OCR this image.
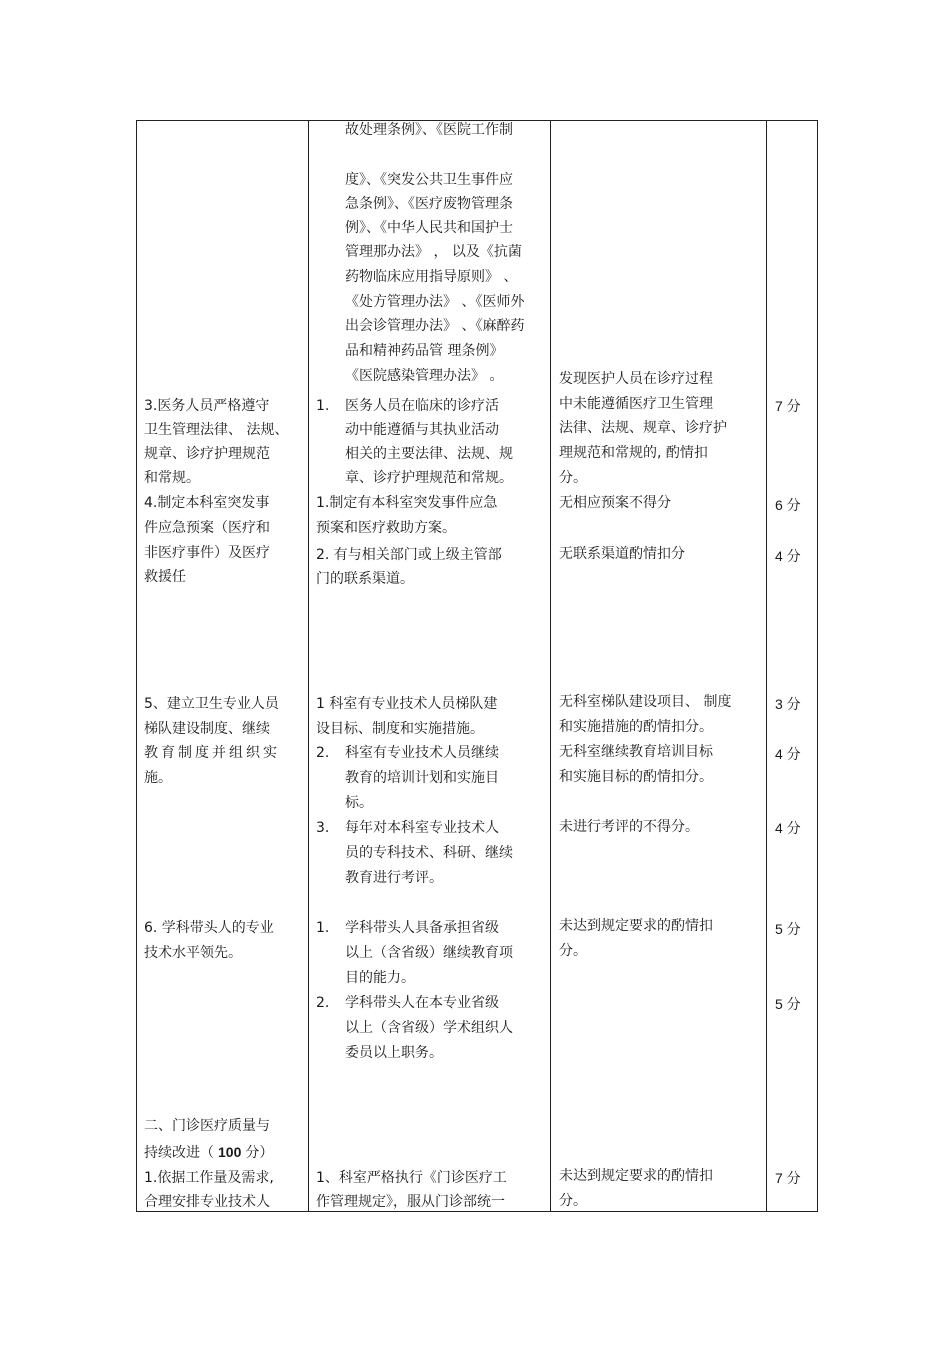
故处理条例》、《医院工作制
度》、《突发公共卫生事件应
急条例》、《医疗废物管理条
例》、《中华人民共和国护士
管理那办法》 ， 以及《抗菌
药物临床应用指导原则》 、
《处方管理办法》 、《医师外
出会诊管理办法》 、《麻醉药
品和精神药品管 理条例》
《医院感染管理办法》 。
3.医务人员严格遵守
卫生管理法律、 法规、
规章、诊疗护理规范
和常规。
1. 医务人员在临床的诊疗活
动中能遵循与其执业活动
相关的主要法律、法规、规
章、诊疗护理规范和常规。
发现医护人员在诊疗过程
中未能遵循医疗卫生管理
法律、法规、规章、诊疗护
理规范和常规的, 酌情扣
分。
7 分
4.制定本科室突发事
件应急预案（医疗和
非医疗事件）及医疗
救援任
1.制定有本科室突发事件应急
预案和医疗救助方案。
2. 有与相关部门或上级主管部
门的联系渠道。
无相应预案不得分
无联系渠道酌情扣分
6 分
4 分
5、建立卫生专业人员
梯队建设制度、继续
教育制度并组织实
施。
1 科室有专业技术人员梯队建
设目标、制度和实施措施。
2. 科室有专业技术人员继续
教育的培训计划和实施目
标。
3. 每年对本科室专业技术人
员的专科技术、科研、继续
教育进行考评。
无科室梯队建设项目、 制度
和实施措施的酌情扣分。
无科室继续教育培训目标
和实施目标的酌情扣分。
未进行考评的不得分。
3 分
4 分
4 分
6. 学科带头人的专业
技术水平领先。
1. 学科带头人具备承担省级
以上（含省级）继续教育项
目的能力。
2. 学科带头人在本专业省级
以上（含省级）学术组织人
委员以上职务。
未达到规定要求的酌情扣
分。
5 分
5 分
二、门诊医疗质量与
持续改进（ 100 分）
1.依据工作量及需求,
合理安排专业技术人
1、科室严格执行《门诊医疗工
作管理规定》，服从门诊部统一
未达到规定要求的酌情扣
分。
7 分
